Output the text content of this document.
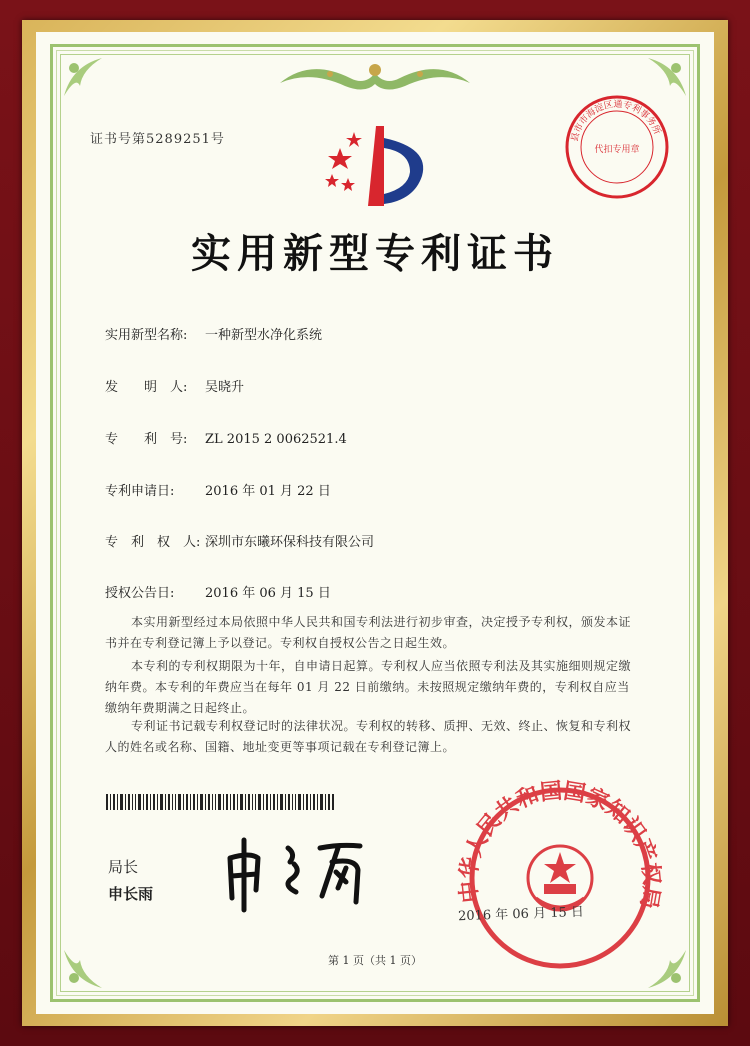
证书号第5289251号	县市市海淀区通专利事务所
代扣专用章
实用新型专利证书
实用新型名称: 一种新型水净化系统
发　　明　人: 吴晓升
专　　利　号: ZL 2015 2 0062521.4
专利申请日: 2016 年 01 月 22 日
专　利　权　人: 深圳市东曦环保科技有限公司
授权公告日: 2016 年 06 月 15 日
本实用新型经过本局依照中华人民共和国专利法进行初步审查，决定授予专利权，颁发本证书并在专利登记簿上予以登记。专利权自授权公告之日起生效。
本专利的专利权期限为十年，自申请日起算。专利权人应当依照专利法及其实施细则规定缴纳年费。本专利的年费应当在每年 01 月 22 日前缴纳。未按照规定缴纳年费的，专利权自应当缴纳年费期满之日起终止。
专利证书记载专利权登记时的法律状况。专利权的转移、质押、无效、终止、恢复和专利权人的姓名或名称、国籍、地址变更等事项记载在专利登记簿上。
局长
申长雨	中华人民共和国国家知识产权局
2016 年 06 月 15 日
第 1 页（共 1 页）
